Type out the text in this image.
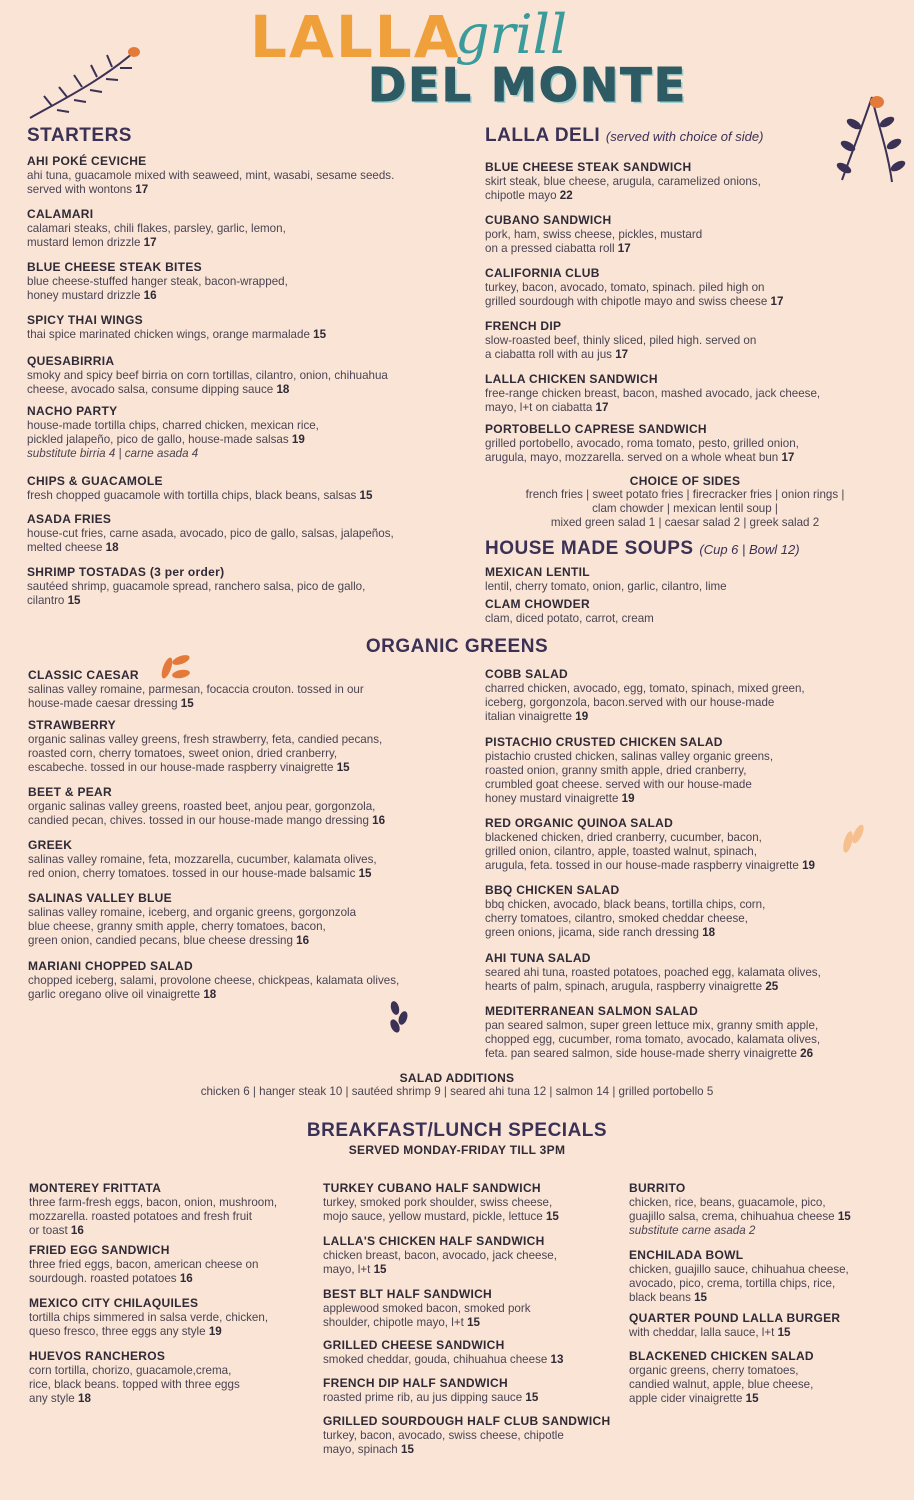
LALLA
grill
DEL MONTE
STARTERS
AHI POKÉ CEVICHE
ahi tuna, guacamole mixed with seaweed, mint, wasabi, sesame seeds.
served with wontons 17
CALAMARI
calamari steaks, chili flakes, parsley, garlic, lemon,
mustard lemon drizzle 17
BLUE CHEESE STEAK BITES
blue cheese-stuffed hanger steak, bacon-wrapped,
honey mustard drizzle 16
SPICY THAI WINGS
thai spice marinated chicken wings, orange marmalade 15
QUESABIRRIA
smoky and spicy beef birria on corn tortillas, cilantro, onion, chihuahua
cheese, avocado salsa, consume dipping sauce 18
NACHO PARTY
house-made tortilla chips, charred chicken, mexican rice,
pickled jalapeño, pico de gallo, house-made salsas 19
substitute birria 4 | carne asada 4
CHIPS & GUACAMOLE
fresh chopped guacamole with tortilla chips, black beans, salsas 15
ASADA FRIES
house-cut fries, carne asada, avocado, pico de gallo, salsas, jalapeños,
melted cheese 18
SHRIMP TOSTADAS (3 per order)
sautéed shrimp, guacamole spread, ranchero salsa, pico de gallo,
cilantro 15
LALLA DELI (served with choice of side)
BLUE CHEESE STEAK SANDWICH
skirt steak, blue cheese, arugula, caramelized onions,
chipotle mayo 22
CUBANO SANDWICH
pork, ham, swiss cheese, pickles, mustard
on a pressed ciabatta roll 17
CALIFORNIA CLUB
turkey, bacon, avocado, tomato, spinach. piled high on
grilled sourdough with chipotle mayo and swiss cheese 17
FRENCH DIP
slow-roasted beef, thinly sliced, piled high. served on
a ciabatta roll with au jus 17
LALLA CHICKEN SANDWICH
free-range chicken breast, bacon, mashed avocado, jack cheese,
mayo, l+t on ciabatta 17
PORTOBELLO CAPRESE SANDWICH
grilled portobello, avocado, roma tomato, pesto, grilled onion,
arugula, mayo, mozzarella. served on a whole wheat bun 17
CHOICE OF SIDES
french fries | sweet potato fries | firecracker fries | onion rings |
clam chowder | mexican lentil soup |
mixed green salad 1 | caesar salad 2 | greek salad 2
HOUSE MADE SOUPS (Cup 6 | Bowl 12)
MEXICAN LENTIL
lentil, cherry tomato, onion, garlic, cilantro, lime
CLAM CHOWDER
clam, diced potato, carrot, cream
ORGANIC GREENS
CLASSIC CAESAR
salinas valley romaine, parmesan, focaccia crouton. tossed in our
house-made caesar dressing 15
STRAWBERRY
organic salinas valley greens, fresh strawberry, feta, candied pecans,
roasted corn, cherry tomatoes, sweet onion, dried cranberry,
escabeche. tossed in our house-made raspberry vinaigrette 15
BEET & PEAR
organic salinas valley greens, roasted beet, anjou pear, gorgonzola,
candied pecan, chives. tossed in our house-made mango dressing 16
GREEK
salinas valley romaine, feta, mozzarella, cucumber, kalamata olives,
red onion, cherry tomatoes. tossed in our house-made balsamic 15
SALINAS VALLEY BLUE
salinas valley romaine, iceberg, and organic greens, gorgonzola
blue cheese, granny smith apple, cherry tomatoes, bacon,
green onion, candied pecans, blue cheese dressing 16
MARIANI CHOPPED SALAD
chopped iceberg, salami, provolone cheese, chickpeas, kalamata olives,
garlic oregano olive oil vinaigrette 18
COBB SALAD
charred chicken, avocado, egg, tomato, spinach, mixed green,
iceberg, gorgonzola, bacon.served with our house-made
italian vinaigrette 19
PISTACHIO CRUSTED CHICKEN SALAD
pistachio crusted chicken, salinas valley organic greens,
roasted onion, granny smith apple, dried cranberry,
crumbled goat cheese. served with our house-made
honey mustard vinaigrette 19
RED ORGANIC QUINOA SALAD
blackened chicken, dried cranberry, cucumber, bacon,
grilled onion, cilantro, apple, toasted walnut, spinach,
arugula, feta. tossed in our house-made raspberry vinaigrette 19
BBQ CHICKEN SALAD
bbq chicken, avocado, black beans, tortilla chips, corn,
cherry tomatoes, cilantro, smoked cheddar cheese,
green onions, jicama, side ranch dressing 18
AHI TUNA SALAD
seared ahi tuna, roasted potatoes, poached egg, kalamata olives,
hearts of palm, spinach, arugula, raspberry vinaigrette 25
MEDITERRANEAN SALMON SALAD
pan seared salmon, super green lettuce mix, granny smith apple,
chopped egg, cucumber, roma tomato, avocado, kalamata olives,
feta. pan seared salmon, side house-made sherry vinaigrette 26
SALAD ADDITIONS
chicken 6 | hanger steak 10 | sautéed shrimp 9 | seared ahi tuna 12 | salmon 14 | grilled portobello 5
BREAKFAST/LUNCH SPECIALS
SERVED MONDAY-FRIDAY TILL 3PM
MONTEREY FRITTATA
three farm-fresh eggs, bacon, onion, mushroom,
mozzarella. roasted potatoes and fresh fruit
or toast 16
FRIED EGG SANDWICH
three fried eggs, bacon, american cheese on
sourdough. roasted potatoes 16
MEXICO CITY CHILAQUILES
tortilla chips simmered in salsa verde, chicken,
queso fresco, three eggs any style 19
HUEVOS RANCHEROS
corn tortilla, chorizo, guacamole,crema,
rice, black beans. topped with three eggs
any style 18
TURKEY CUBANO HALF SANDWICH
turkey, smoked pork shoulder, swiss cheese,
mojo sauce, yellow mustard, pickle, lettuce 15
LALLA'S CHICKEN HALF SANDWICH
chicken breast, bacon, avocado, jack cheese,
mayo, l+t 15
BEST BLT HALF SANDWICH
applewood smoked bacon, smoked pork
shoulder, chipotle mayo, l+t 15
GRILLED CHEESE SANDWICH
smoked cheddar, gouda, chihuahua cheese 13
FRENCH DIP HALF SANDWICH
roasted prime rib, au jus dipping sauce 15
GRILLED SOURDOUGH HALF CLUB SANDWICH
turkey, bacon, avocado, swiss cheese, chipotle
mayo, spinach 15
BURRITO
chicken, rice, beans, guacamole, pico,
guajillo salsa, crema, chihuahua cheese 15
substitute carne asada 2
ENCHILADA BOWL
chicken, guajillo sauce, chihuahua cheese,
avocado, pico, crema, tortilla chips, rice,
black beans 15
QUARTER POUND LALLA BURGER
with cheddar, lalla sauce, l+t 15
BLACKENED CHICKEN SALAD
organic greens, cherry tomatoes,
candied walnut, apple, blue cheese,
apple cider vinaigrette 15
